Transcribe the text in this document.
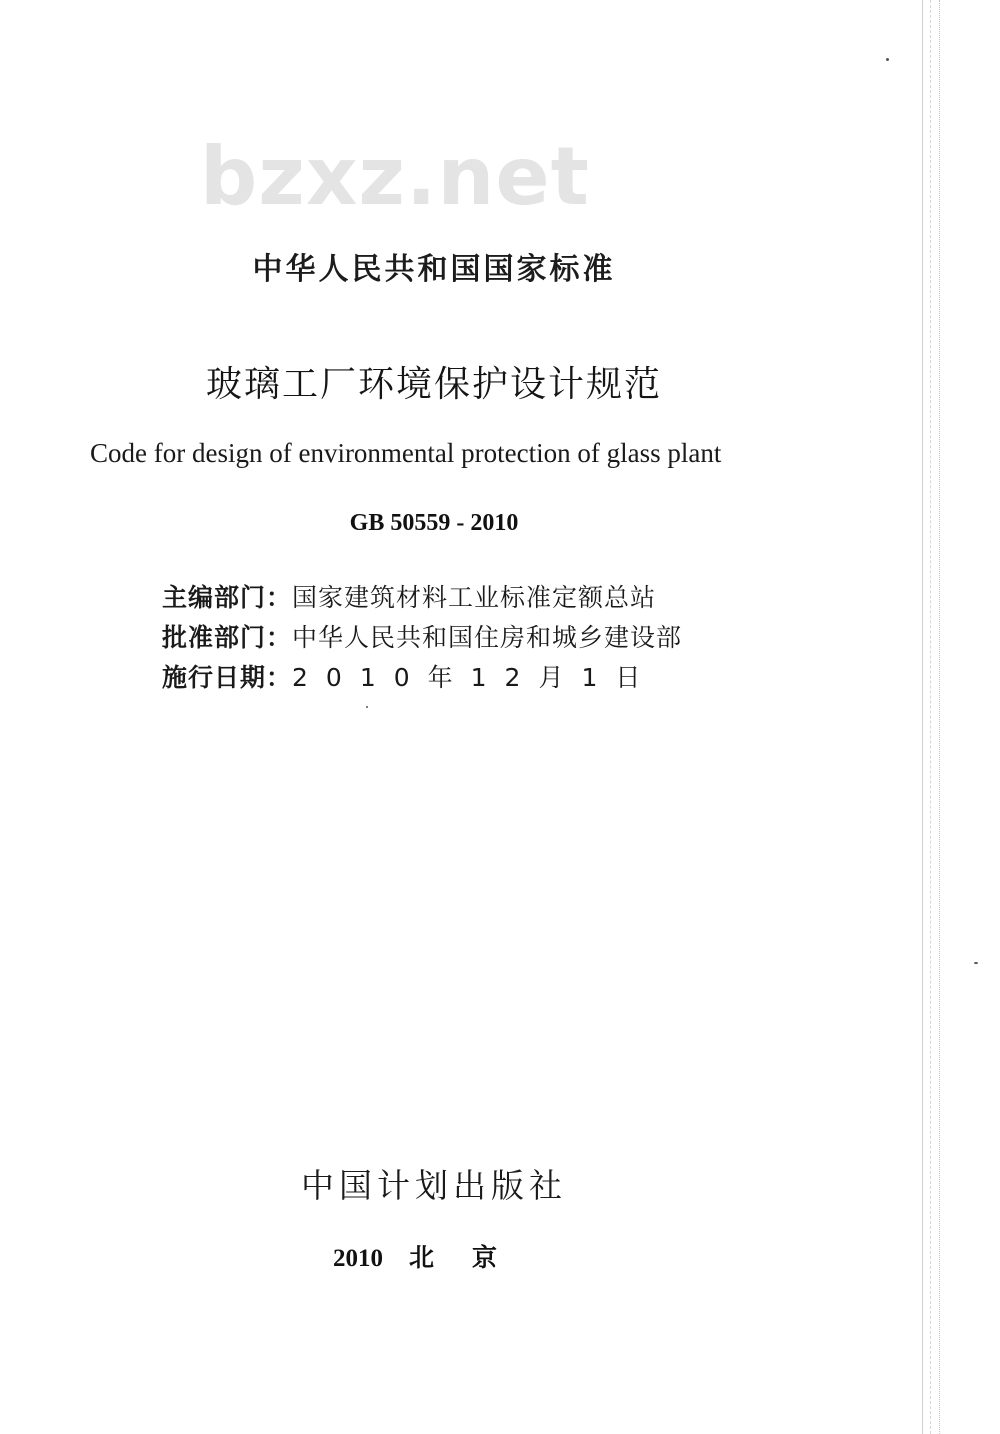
bzxz.net
中华人民共和国国家标准
玻璃工厂环境保护设计规范
Code for design of environmental protection of glass plant
GB 50559 - 2010
主编部门：国家建筑材料工业标准定额总站
批准部门：中华人民共和国住房和城乡建设部
施行日期：2010年12月1日
中国计划出版社
2010 北京
